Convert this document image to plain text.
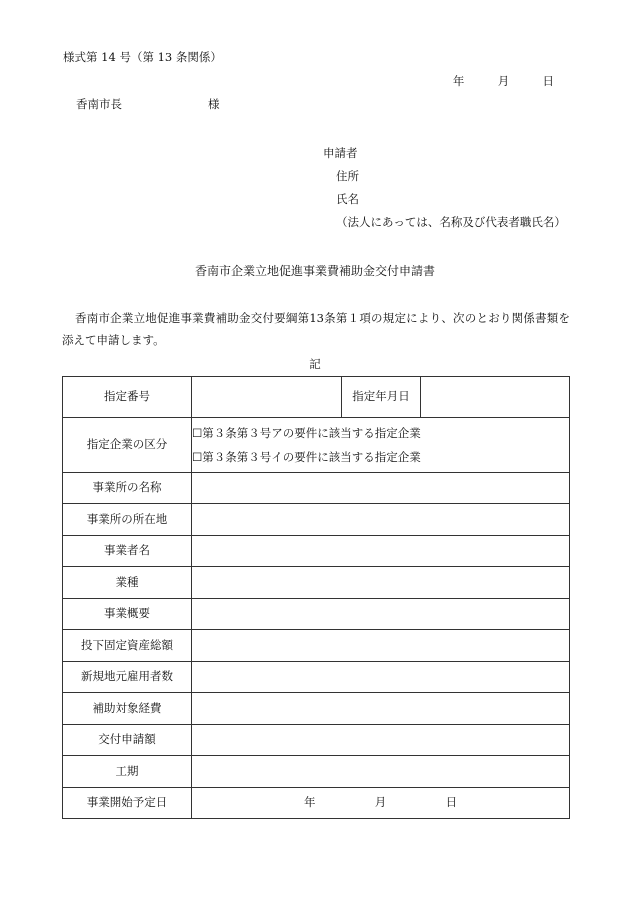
様式第 14 号（第 13 条関係）
年	月	日
香南市長	様
申請者
住所
氏名
（法人にあっては、名称及び代表者職氏名）
香南市企業立地促進事業費補助金交付申請書
香南市企業立地促進事業費補助金交付要綱第13条第１項の規定により、次のとおり関係書類を添えて申請します。
記
指定番号		指定年月日	
指定企業の区分	☐第３条第３号アの要件に該当する指定企業
☐第３条第３号イの要件に該当する指定企業		

事業所の名称			
事業所の所在地			
事業者名			
業種			
事業概要			
投下固定資産総額			
新規地元雇用者数			
補助対象経費			
交付申請額			
工期			
事業開始予定日	年 月 日		
